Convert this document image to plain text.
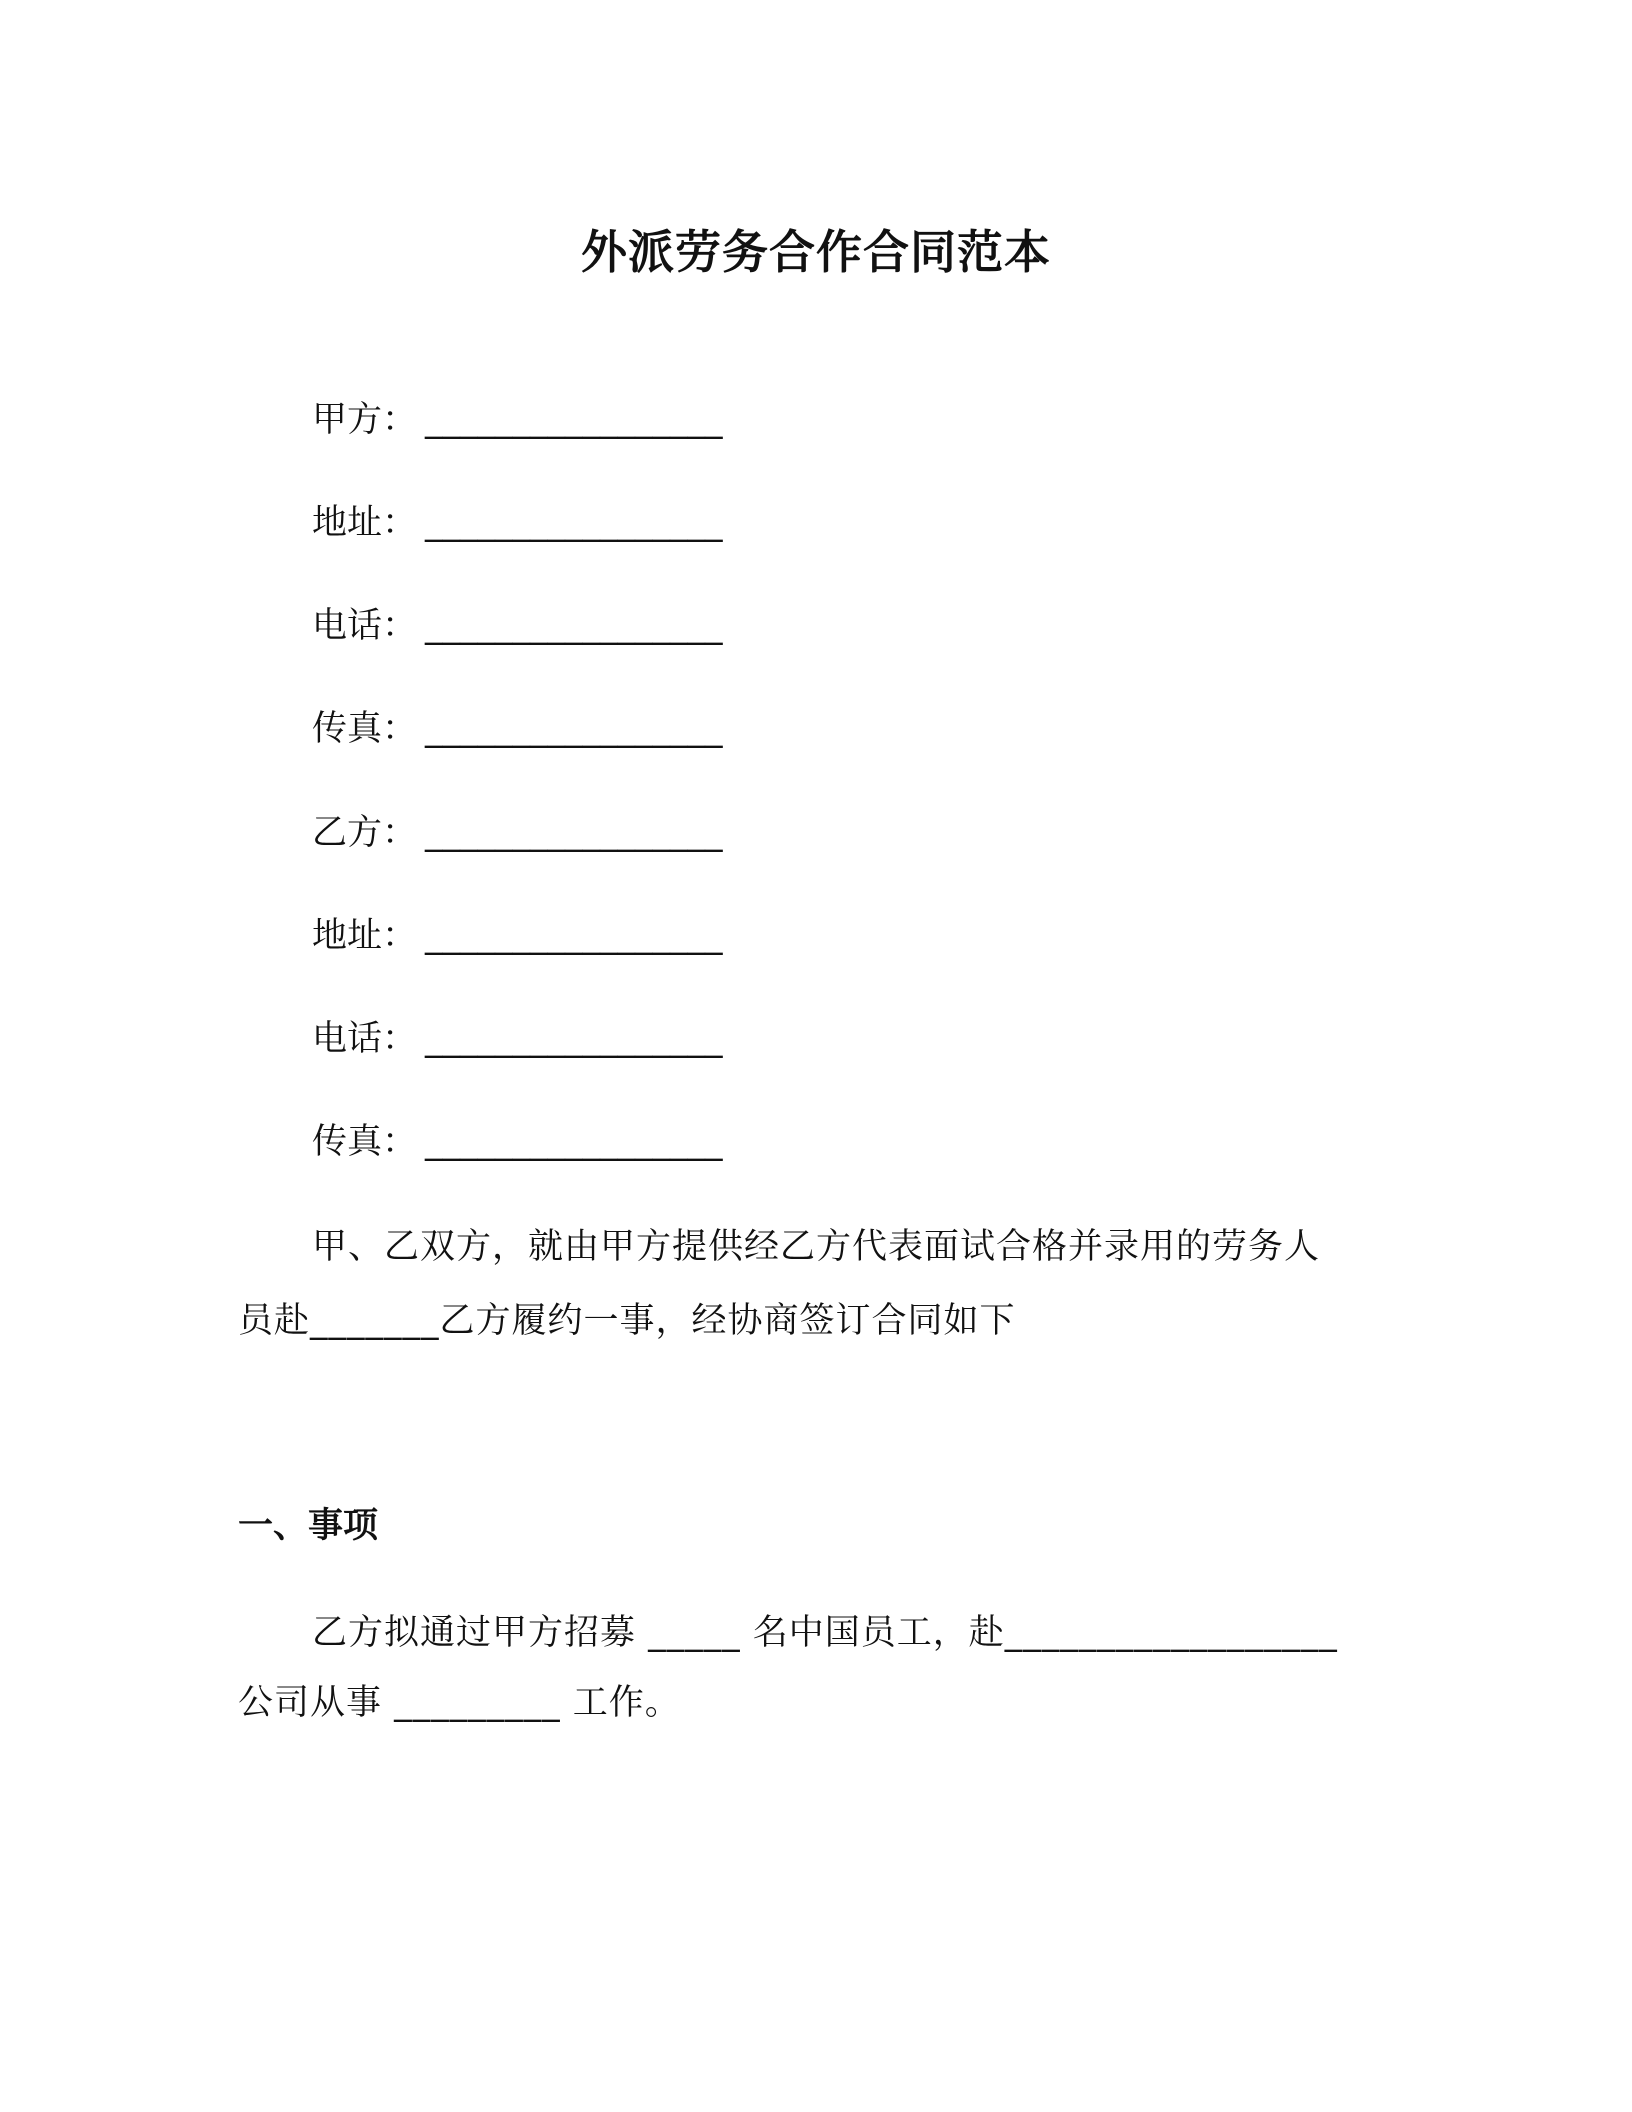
外派劳务合作合同范本
甲方： _________________
地址： _________________
电话： _________________
传真： _________________
乙方： _________________
地址： _________________
电话： _________________
传真： _________________
甲、乙双方，就由甲方提供经乙方代表面试合格并录用的劳务人
员赴_______乙方履约一事，经协商签订合同如下
一、事项
乙方拟通过甲方招募 _____ 名中国员工，赴__________________
公司从事 _________ 工作。
